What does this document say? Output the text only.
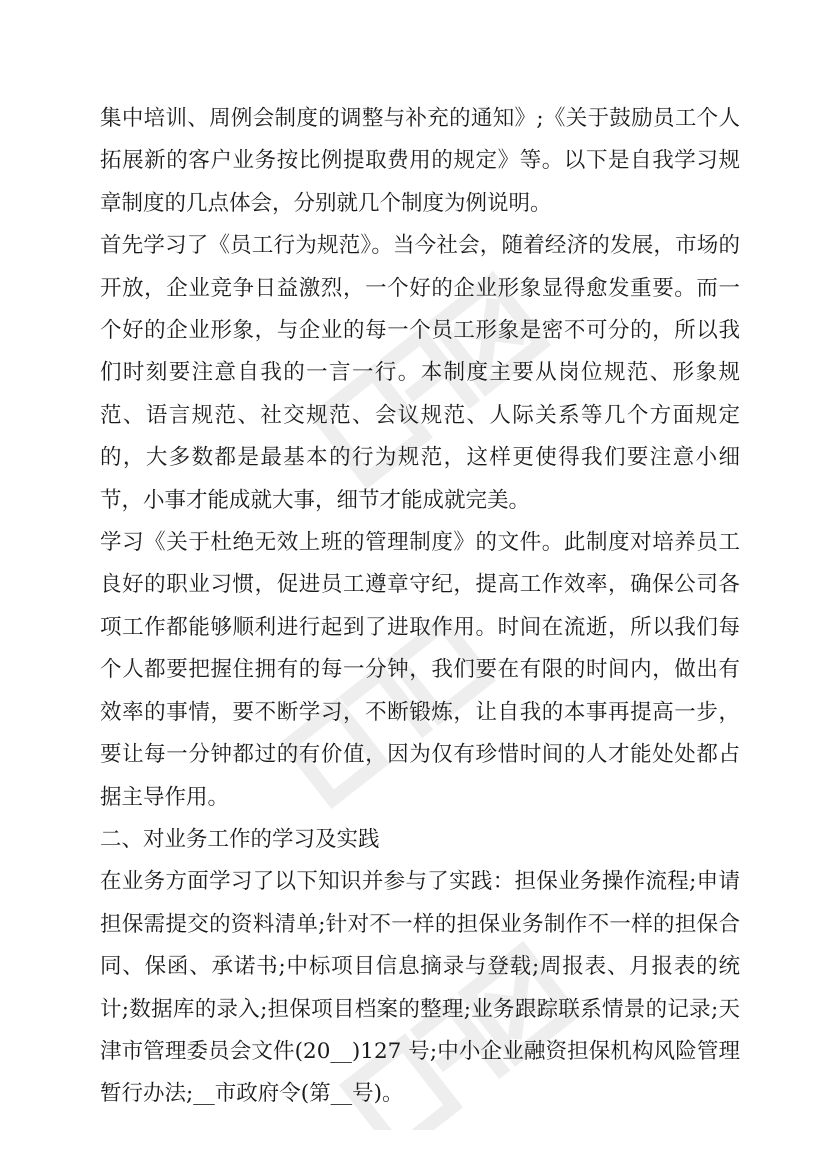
集中培训、周例会制度的调整与补充的通知》;《关于鼓励员工个人拓展新的客户业务按比例提取费用的规定》等。以下是自我学习规章制度的几点体会，分别就几个制度为例说明。

首先学习了《员工行为规范》。当今社会，随着经济的发展，市场的开放，企业竞争日益激烈，一个好的企业形象显得愈发重要。而一个好的企业形象，与企业的每一个员工形象是密不可分的，所以我们时刻要注意自我的一言一行。本制度主要从岗位规范、形象规范、语言规范、社交规范、会议规范、人际关系等几个方面规定的，大多数都是最基本的行为规范，这样更使得我们要注意小细节，小事才能成就大事，细节才能成就完美。

学习《关于杜绝无效上班的管理制度》的文件。此制度对培养员工良好的职业习惯，促进员工遵章守纪，提高工作效率，确保公司各项工作都能够顺利进行起到了进取作用。时间在流逝，所以我们每个人都要把握住拥有的每一分钟，我们要在有限的时间内，做出有效率的事情，要不断学习，不断锻炼，让自我的本事再提高一步，要让每一分钟都过的有价值，因为仅有珍惜时间的人才能处处都占据主导作用。

二、对业务工作的学习及实践

在业务方面学习了以下知识并参与了实践：担保业务操作流程;申请担保需提交的资料清单;针对不一样的担保业务制作不一样的担保合同、保函、承诺书;中标项目信息摘录与登载;周报表、月报表的统计;数据库的录入;担保项目档案的整理;业务跟踪联系情景的记录;天津市管理委员会文件(20__)127 号;中小企业融资担保机构风险管理暂行办法;__市政府令(第__号)。
